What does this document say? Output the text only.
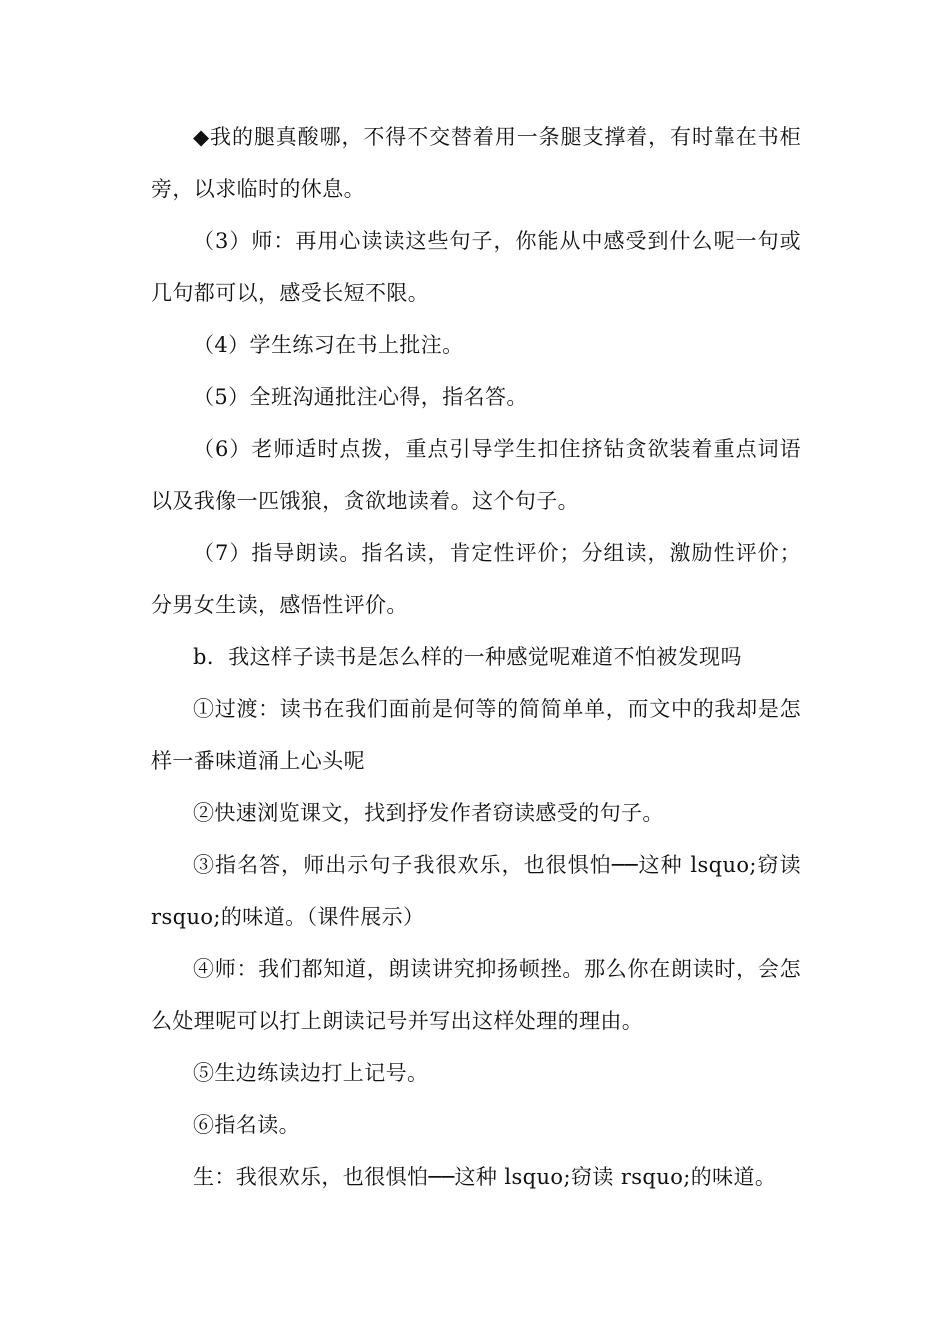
◆我的腿真酸哪，不得不交替着用一条腿支撑着，有时靠在书柜旁，以求临时的休息。

（3）师：再用心读读这些句子，你能从中感受到什么呢一句或几句都可以，感受长短不限。

（4）学生练习在书上批注。

（5）全班沟通批注心得，指名答。

（6）老师适时点拨，重点引导学生扣住挤钻贪欲装着重点词语以及我像一匹饿狼，贪欲地读着。这个句子。

（7）指导朗读。指名读，肯定性评价；分组读，激励性评价；分男女生读，感悟性评价。

b．我这样子读书是怎么样的一种感觉呢难道不怕被发现吗

①过渡：读书在我们面前是何等的简简单单，而文中的我却是怎样一番味道涌上心头呢

②快速浏览课文，找到抒发作者窃读感受的句子。

③指名答，师出示句子我很欢乐，也很惧怕──这种 lsquo;窃读 rsquo;的味道。（课件展示）

④师：我们都知道，朗读讲究抑扬顿挫。那么你在朗读时，会怎么处理呢可以打上朗读记号并写出这样处理的理由。

⑤生边练读边打上记号。

⑥指名读。

生：我很欢乐，也很惧怕──这种 lsquo;窃读 rsquo;的味道。
